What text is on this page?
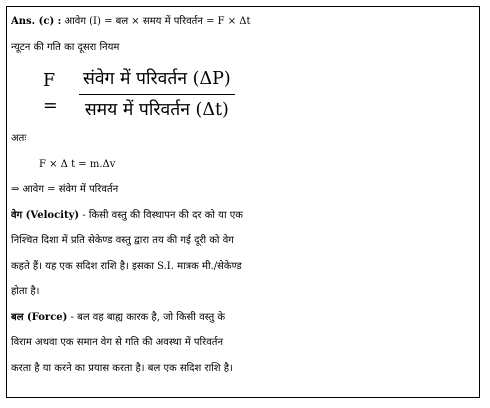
Ans. (c) : आवेग (I) = बल × समय में परिवर्तन = F × Δt
न्यूटन की गति का दूसरा नियम
F =	$\frac{\text{संवेग में परिवर्तन (ΔP)}}{\text{समय में परिवर्तन (Δt)}}$
अतः
F × Δ t = m.Δv
⇒ आवेग = संवेग में परिवर्तन
वेग (Velocity) - किसी वस्तु की विस्थापन की दर को या एक
निश्चित दिशा में प्रति सेकेण्ड वस्तु द्वारा तय की गई दूरी को वेग
कहते हैं। यह एक सदिश राशि है। इसका S.I. मात्रक मी./सेकेण्ड
होता है।
बल (Force) - बल वह बाह्य कारक है, जो किसी वस्तु के
विराम अथवा एक समान वेग से गति की अवस्था में परिवर्तन
करता है या करने का प्रयास करता है। बल एक सदिश राशि है।
